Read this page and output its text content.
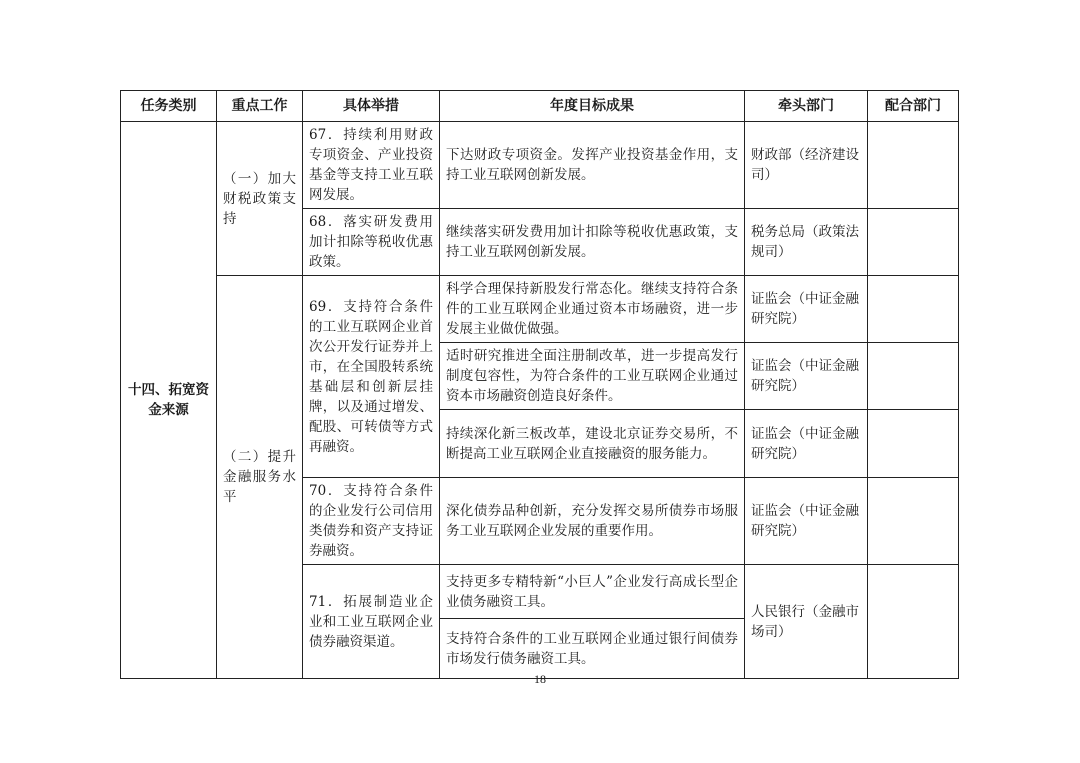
任务类别	重点工作	具体举措	年度目标成果	牵头部门	配合部门
十四、拓宽资金来源	（一）加大财税政策支持	67．持续利用财政专项资金、产业投资基金等支持工业互联网发展。	下达财政专项资金。发挥产业投资基金作用，支持工业互联网创新发展。	财政部（经济建设司）	
		68．落实研发费用加计扣除等税收优惠政策。	继续落实研发费用加计扣除等税收优惠政策，支持工业互联网创新发展。	税务总局（政策法规司）	
	（二）提升金融服务水平	69．支持符合条件的工业互联网企业首次公开发行证券并上市，在全国股转系统基础层和创新层挂牌，以及通过增发、配股、可转债等方式再融资。	科学合理保持新股发行常态化。继续支持符合条件的工业互联网企业通过资本市场融资，进一步发展主业做优做强。	证监会（中证金融研究院）	
			适时研究推进全面注册制改革，进一步提高发行制度包容性，为符合条件的工业互联网企业通过资本市场融资创造良好条件。	证监会（中证金融研究院）	
			持续深化新三板改革，建设北京证券交易所，不断提高工业互联网企业直接融资的服务能力。	证监会（中证金融研究院）	
		70．支持符合条件的企业发行公司信用类债券和资产支持证券融资。	深化债券品种创新，充分发挥交易所债券市场服务工业互联网企业发展的重要作用。	证监会（中证金融研究院）	
		71．拓展制造业企业和工业互联网企业债券融资渠道。	支持更多专精特新“小巨人”企业发行高成长型企业债务融资工具。	人民银行（金融市场司）	
			支持符合条件的工业互联网企业通过银行间债券市场发行债务融资工具。		
18
